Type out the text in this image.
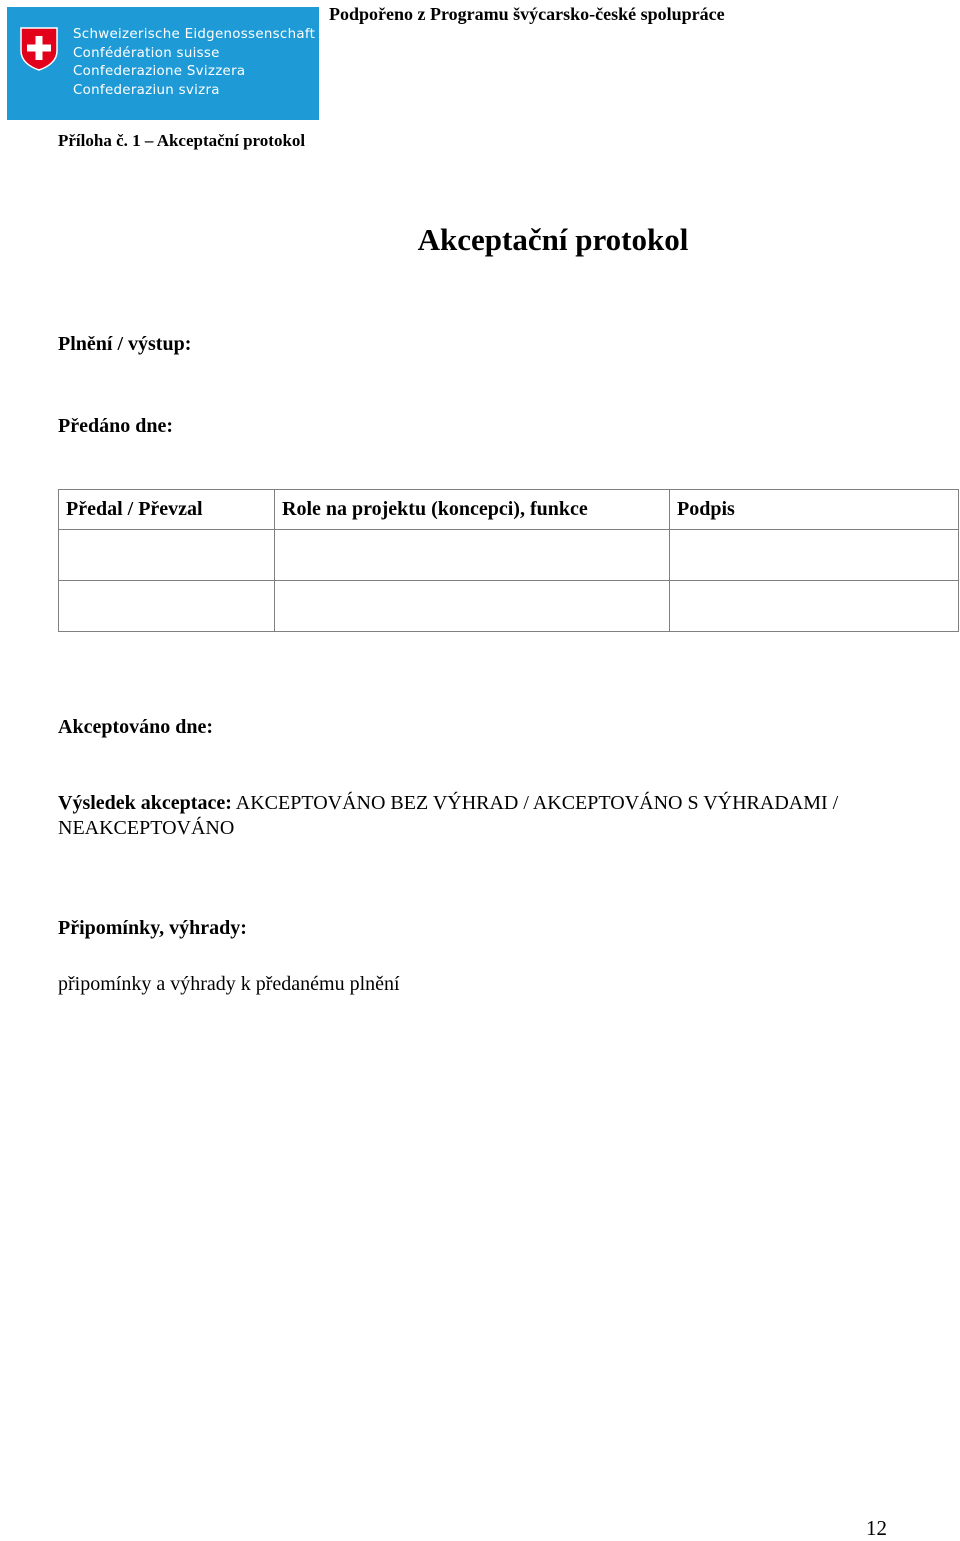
Schweizerische Eidgenossenschaft
Confédération suisse
Confederazione Svizzera
Confederaziun svizra
Podpořeno z Programu švýcarsko-české spolupráce
Příloha č. 1 – Akceptační protokol
Akceptační protokol
Plnění / výstup:
Předáno dne:
Předal / Převzal	Role na projektu (koncepci), funkce	Podpis

Akceptováno dne:
Výsledek akceptace: AKCEPTOVÁNO BEZ VÝHRAD / AKCEPTOVÁNO S VÝHRADAMI / NEAKCEPTOVÁNO
Připomínky, výhrady:
připomínky a výhrady k předanému plnění
12
